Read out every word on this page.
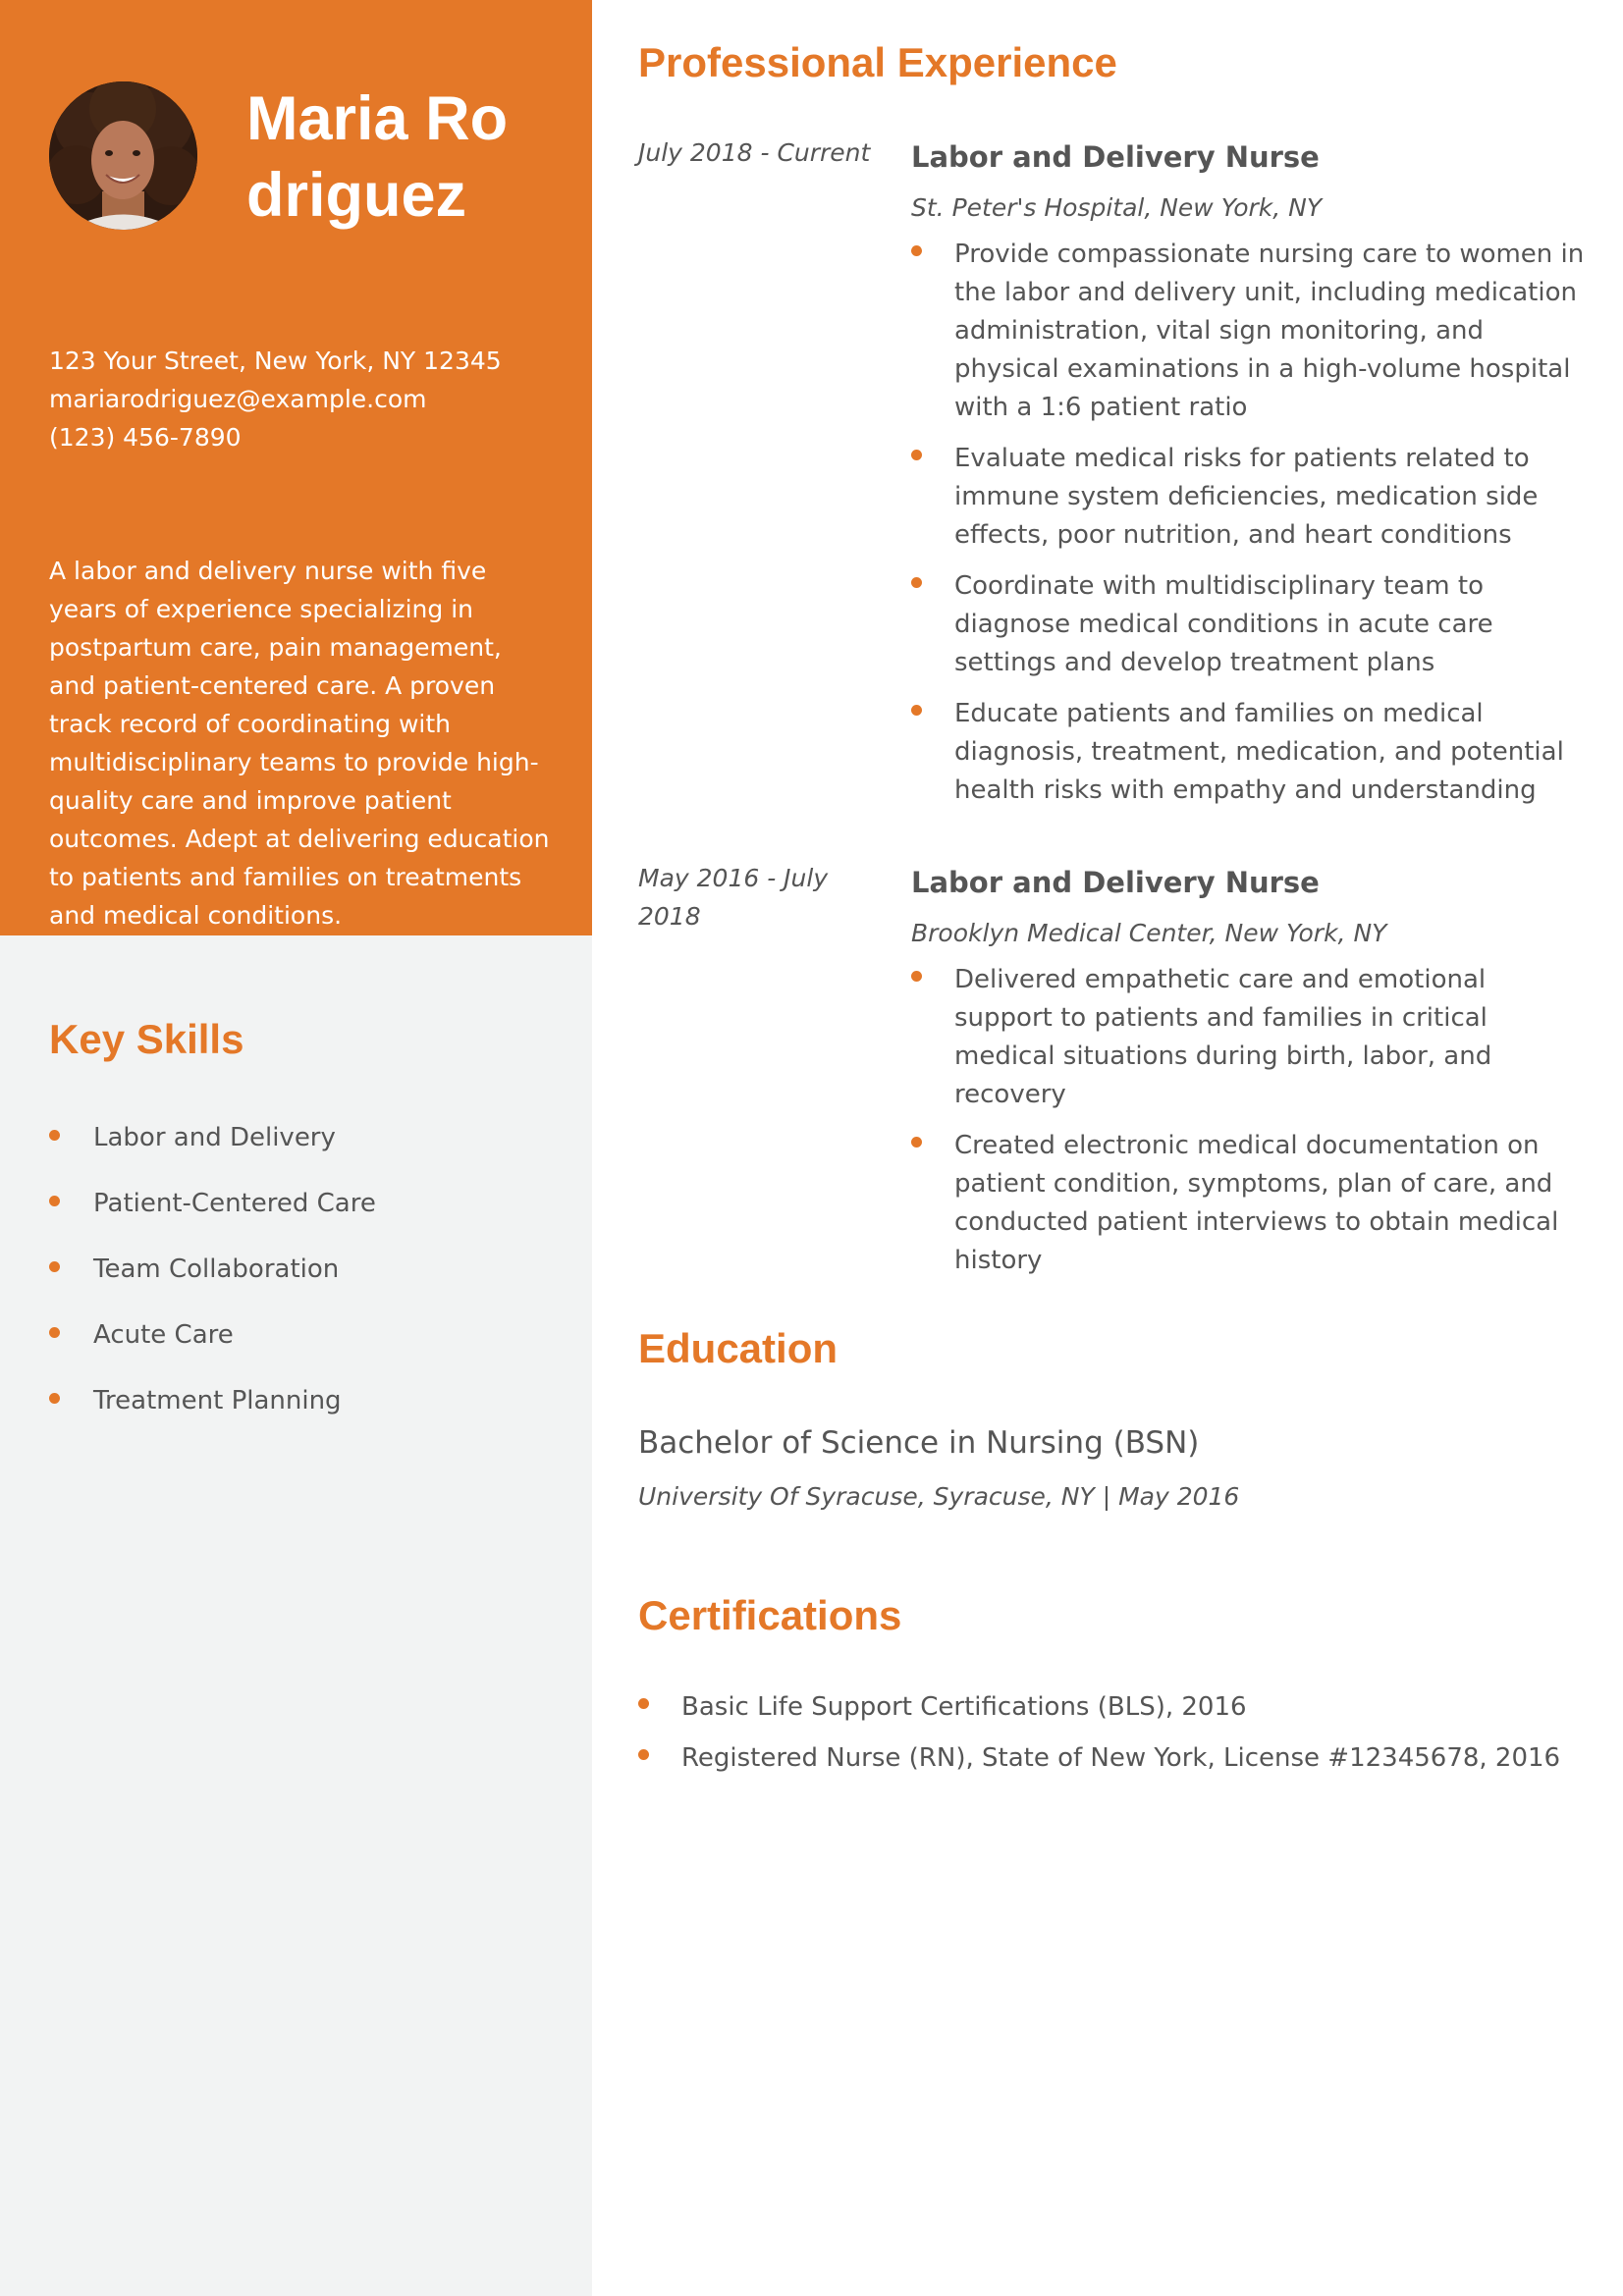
Maria Rodriguez
123 Your Street, New York, NY 12345
mariarodriguez@example.com
(123) 456-7890
A labor and delivery nurse with five years of experience specializing in postpartum care, pain management, and patient-centered care. A proven track record of coordinating with multidisciplinary teams to provide high-quality care and improve patient outcomes. Adept at delivering education to patients and families on treatments and medical conditions.
Key Skills
Labor and Delivery
Patient-Centered Care
Team Collaboration
Acute Care
Treatment Planning
Professional Experience
July 2018 - Current Labor and Delivery Nurse
St. Peter's Hospital, New York, NY
Provide compassionate nursing care to women in the labor and delivery unit, including medication administration, vital sign monitoring, and physical examinations in a high-volume hospital with a 1:6 patient ratio
Evaluate medical risks for patients related to immune system deficiencies, medication side effects, poor nutrition, and heart conditions
Coordinate with multidisciplinary team to diagnose medical conditions in acute care settings and develop treatment plans
Educate patients and families on medical diagnosis, treatment, medication, and potential health risks with empathy and understanding
May 2016 - July 2018
Labor and Delivery Nurse
Brooklyn Medical Center, New York, NY
Delivered empathetic care and emotional support to patients and families in critical medical situations during birth, labor, and recovery
Created electronic medical documentation on patient condition, symptoms, plan of care, and conducted patient interviews to obtain medical history
Education
Bachelor of Science in Nursing (BSN)
University Of Syracuse, Syracuse, NY | May 2016
Certifications
Basic Life Support Certifications (BLS), 2016
Registered Nurse (RN), State of New York, License #12345678, 2016
